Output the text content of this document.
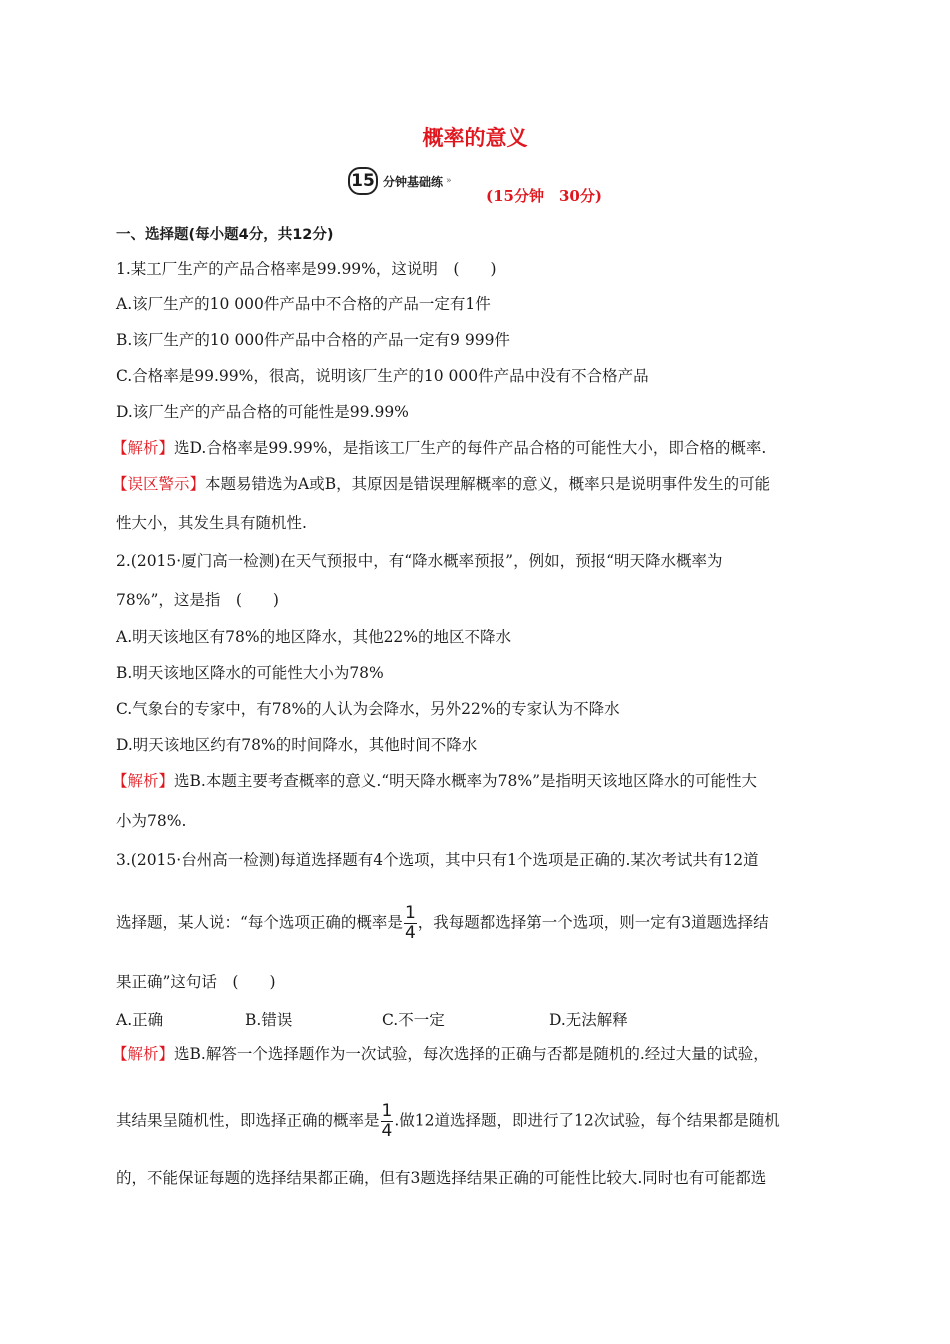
概率的意义
15 分钟基础练 »
(15分钟　30分)
一、选择题(每小题4分，共12分)
1.某工厂生产的产品合格率是99.99%，这说明　(　　)
A.该厂生产的10 000件产品中不合格的产品一定有1件
B.该厂生产的10 000件产品中合格的产品一定有9 999件
C.合格率是99.99%，很高，说明该厂生产的10 000件产品中没有不合格产品
D.该厂生产的产品合格的可能性是99.99%
【解析】选D.合格率是99.99%，是指该工厂生产的每件产品合格的可能性大小，即合格的概率.
【误区警示】本题易错选为A或B，其原因是错误理解概率的意义，概率只是说明事件发生的可能
性大小，其发生具有随机性.
2.(2015·厦门高一检测)在天气预报中，有“降水概率预报”，例如，预报“明天降水概率为
78%”，这是指　(　　)
A.明天该地区有78%的地区降水，其他22%的地区不降水
B.明天该地区降水的可能性大小为78%
C.气象台的专家中，有78%的人认为会降水，另外22%的专家认为不降水
D.明天该地区约有78%的时间降水，其他时间不降水
【解析】选B.本题主要考查概率的意义.“明天降水概率为78%”是指明天该地区降水的可能性大
小为78%.
3.(2015·台州高一检测)每道选择题有4个选项，其中只有1个选项是正确的.某次考试共有12道
选择题，某人说：“每个选项正确的概率是 $\frac{1}{4}$ ，我每题都选择第一个选项，则一定有3道题选择结
果正确”这句话　(　　)
A.正确	B.错误	C.不一定	D.无法解释
【解析】选B.解答一个选择题作为一次试验，每次选择的正确与否都是随机的.经过大量的试验，
其结果呈随机性，即选择正确的概率是 $\frac{1}{4}$ .做12道选择题，即进行了12次试验，每个结果都是随机
的，不能保证每题的选择结果都正确，但有3题选择结果正确的可能性比较大.同时也有可能都选
